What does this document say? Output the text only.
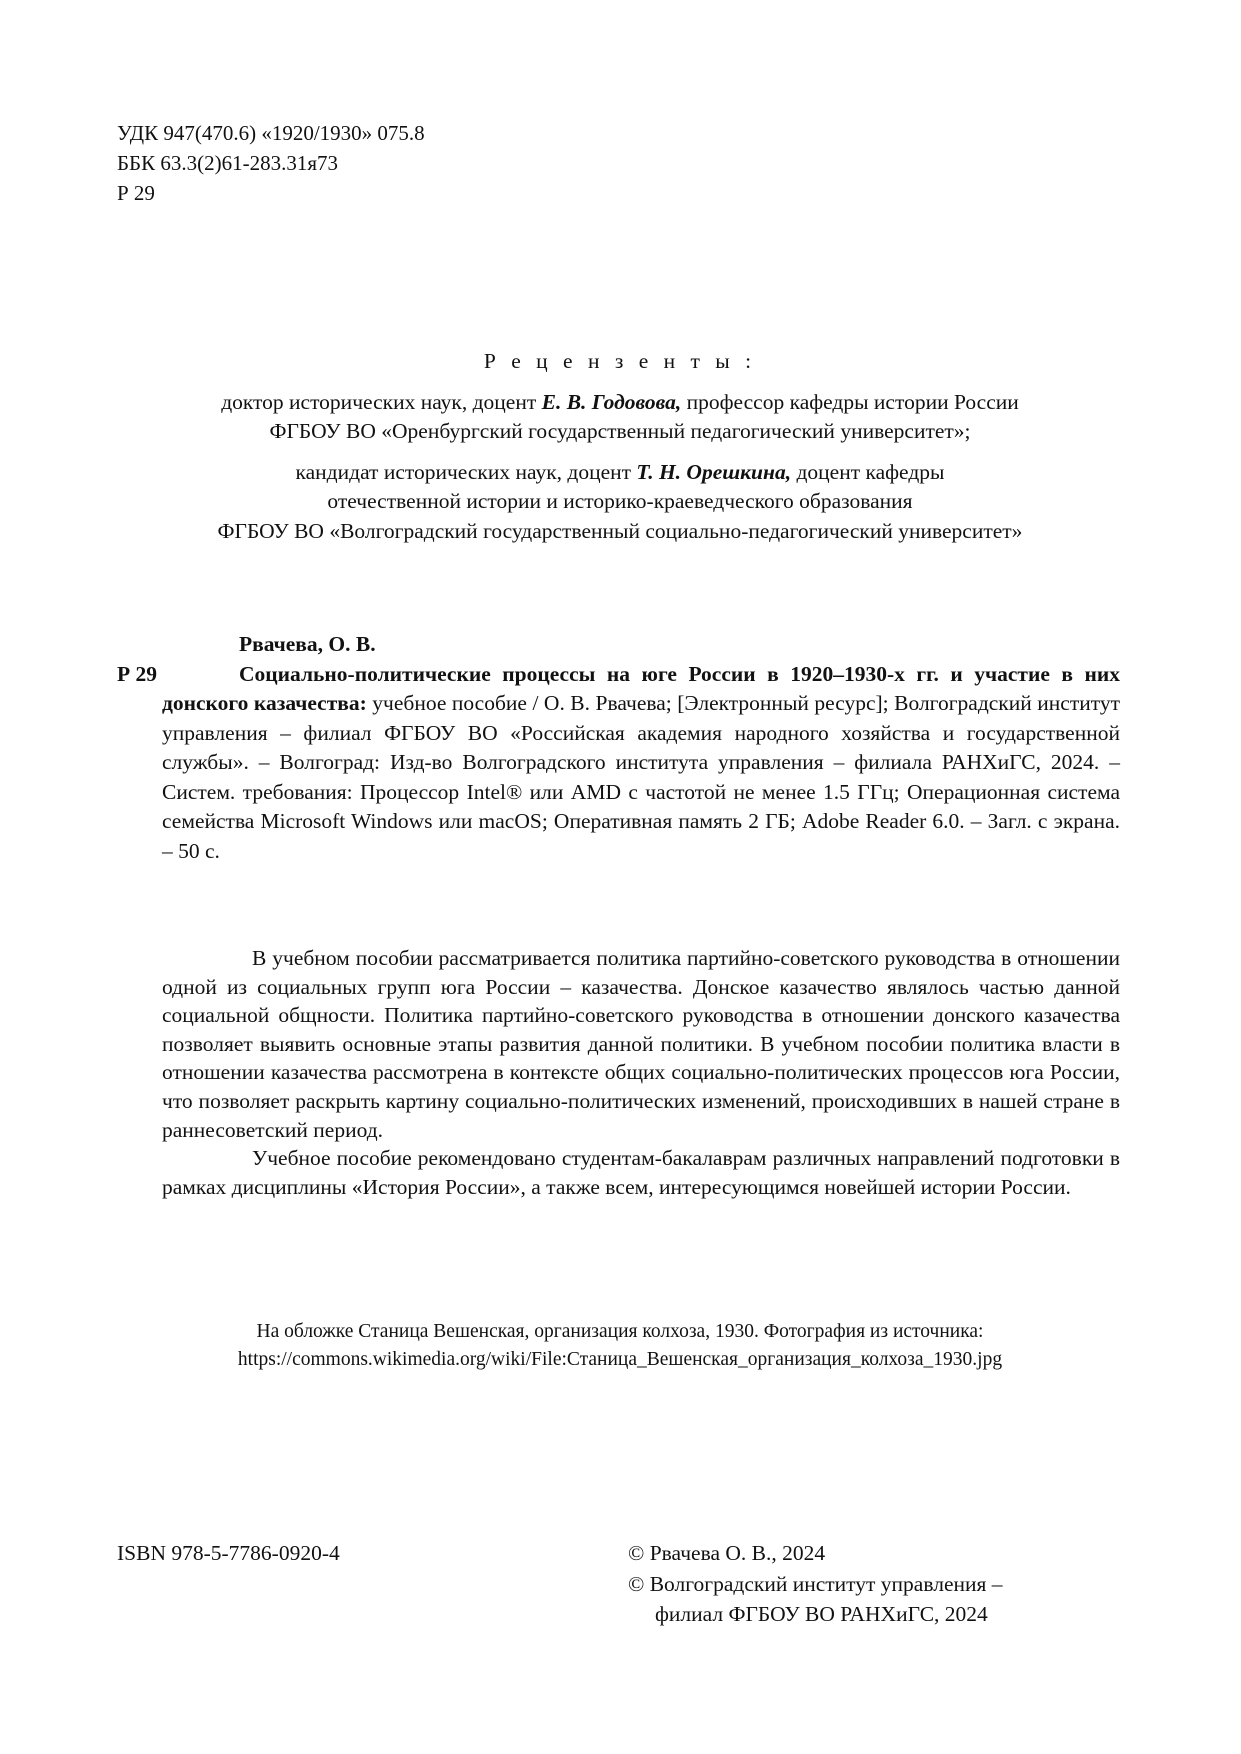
УДК 947(470.6) «1920/1930» 075.8
ББК 63.3(2)61-283.31я73
Р 29
Р е ц е н з е н т ы :
доктор исторических наук, доцент Е. В. Годовова, профессор кафедры истории России
ФГБОУ ВО «Оренбургский государственный педагогический университет»;
кандидат исторических наук, доцент Т. Н. Орешкина, доцент кафедры
отечественной истории и историко-краеведческого образования
ФГБОУ ВО «Волгоградский государственный социально-педагогический университет»
Рвачева, О. В.
Р 29	Социально-политические процессы на юге России в 1920–1930-х гг. и участие в них донского казачества: учебное пособие / О. В. Рвачева; [Электронный ресурс]; Волгоградский институт управления – филиал ФГБОУ ВО «Российская академия народного хозяйства и государственной службы». – Волгоград: Изд-во Волгоградского института управления – филиала РАНХиГС, 2024. – Систем. требования: Процессор Intel® или AMD с частотой не менее 1.5 ГГц; Операционная система семейства Microsoft Windows или macOS; Оперативная память 2 ГБ; Adobe Reader 6.0. – Загл. с экрана. – 50 с.

В учебном пособии рассматривается политика партийно-советского руководства в отношении одной из социальных групп юга России – казачества. Донское казачество являлось частью данной социальной общности. Политика партийно-советского руководства в отношении донского казачества позволяет выявить основные этапы развития данной политики. В учебном пособии политика власти в отношении казачества рассмотрена в контексте общих социально-политических процессов юга России, что позволяет раскрыть картину социально-политических изменений, происходивших в нашей стране в раннесоветский период.

Учебное пособие рекомендовано студентам-бакалаврам различных направлений подготовки в рамках дисциплины «История России», а также всем, интересующимся новейшей истории России.

На обложке Станица Вешенская, организация колхоза, 1930. Фотография из источника:
https://commons.wikimedia.org/wiki/File:Станица_Вешенская_организация_колхоза_1930.jpg
ISBN 978-5-7786-0920-4	© Рвачева О. В., 2024
© Волгоградский институт управления –
филиал ФГБОУ ВО РАНХиГС, 2024
